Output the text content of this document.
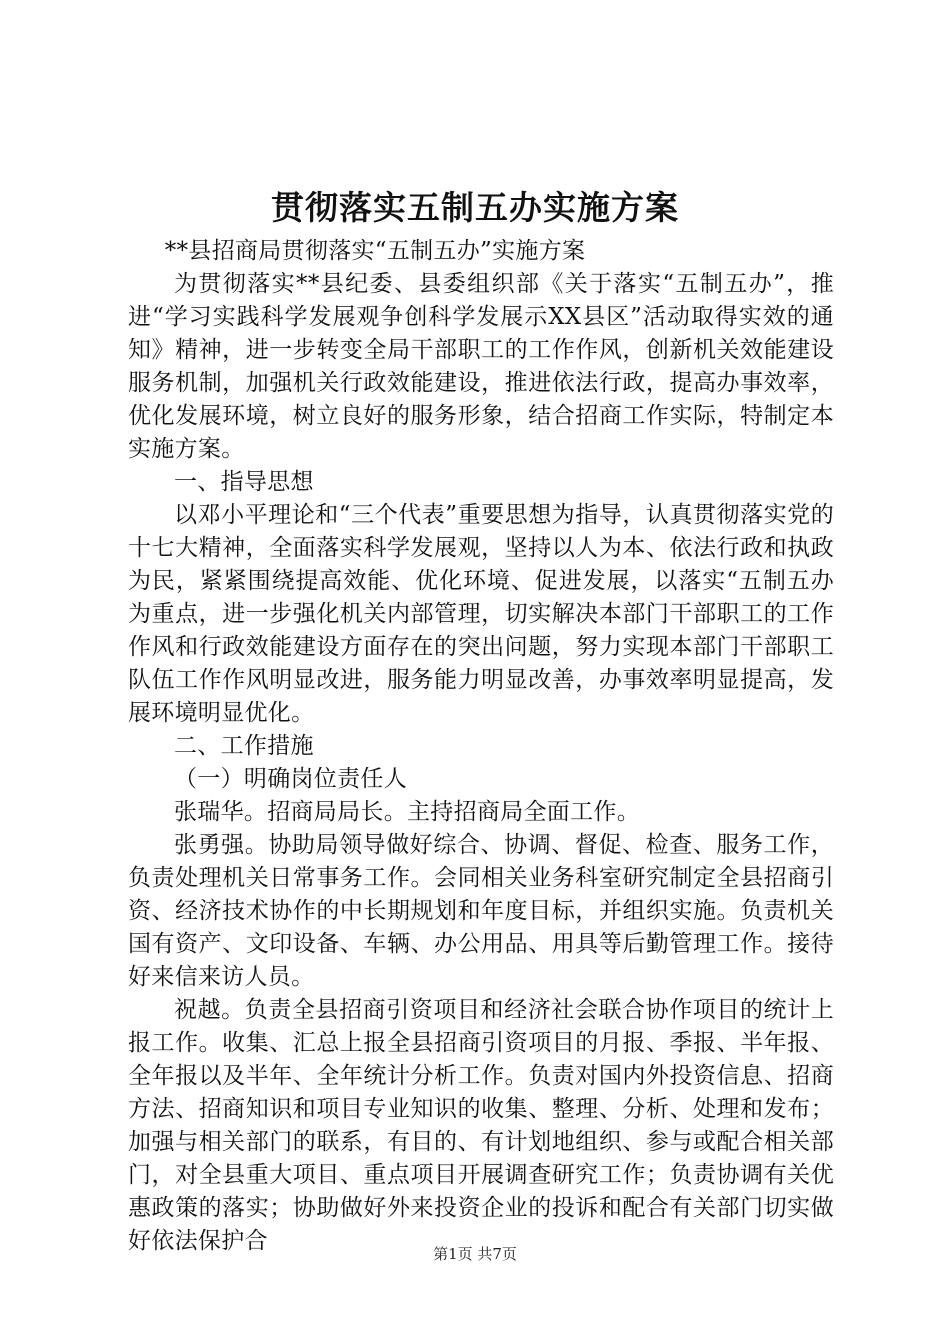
贯彻落实五制五办实施方案

**县招商局贯彻落实“五制五办”实施方案

为贯彻落实**县纪委、县委组织部《关于落实“五制五办”，推进“学习实践科学发展观争创科学发展示XX县区”活动取得实效的通知》精神，进一步转变全局干部职工的工作作风，创新机关效能建设服务机制，加强机关行政效能建设，推进依法行政，提高办事效率，优化发展环境，树立良好的服务形象，结合招商工作实际，特制定本实施方案。

一、指导思想

以邓小平理论和“三个代表”重要思想为指导，认真贯彻落实党的十七大精神，全面落实科学发展观，坚持以人为本、依法行政和执政为民，紧紧围绕提高效能、优化环境、促进发展，以落实“五制五办为重点，进一步强化机关内部管理，切实解决本部门干部职工的工作作风和行政效能建设方面存在的突出问题，努力实现本部门干部职工队伍工作作风明显改进，服务能力明显改善，办事效率明显提高，发展环境明显优化。

二、工作措施

（一）明确岗位责任人

张瑞华。招商局局长。主持招商局全面工作。

张勇强。协助局领导做好综合、协调、督促、检查、服务工作，负责处理机关日常事务工作。会同相关业务科室研究制定全县招商引资、经济技术协作的中长期规划和年度目标，并组织实施。负责机关国有资产、文印设备、车辆、办公用品、用具等后勤管理工作。接待好来信来访人员。

祝越。负责全县招商引资项目和经济社会联合协作项目的统计上报工作。收集、汇总上报全县招商引资项目的月报、季报、半年报、全年报以及半年、全年统计分析工作。负责对国内外投资信息、招商方法、招商知识和项目专业知识的收集、整理、分析、处理和发布；加强与相关部门的联系，有目的、有计划地组织、参与或配合相关部门，对全县重大项目、重点项目开展调查研究工作；负责协调有关优惠政策的落实；协助做好外来投资企业的投诉和配合有关部门切实做好依法保护合	第1页 共7页
